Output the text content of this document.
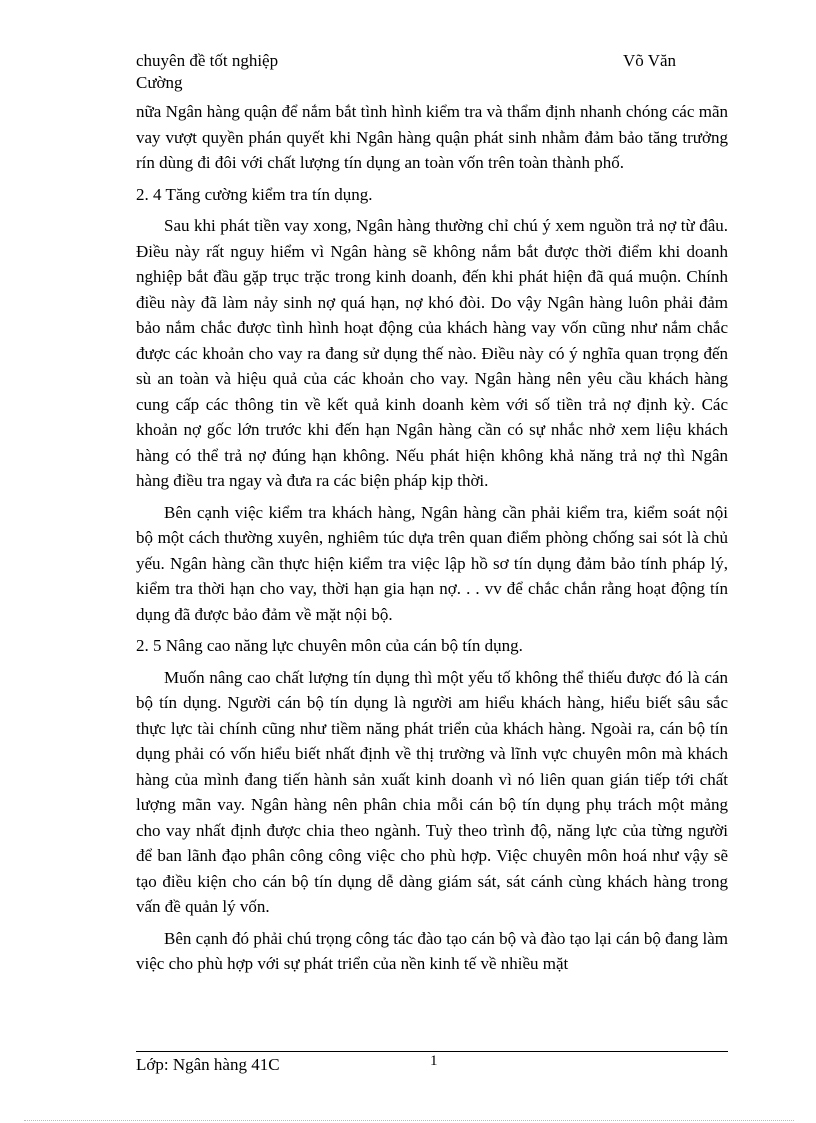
chuyên đề tốt nghiệp	Võ Văn
Cường

nữa Ngân hàng quận để nắm bắt tình hình kiểm tra và thẩm định nhanh chóng các mãn vay vượt quyền phán quyết khi Ngân hàng quận phát sinh nhằm đảm bảo tăng trưởng rín dùng đi đôi với chất lượng tín dụng an toàn vốn trên toàn thành phố.

2. 4 Tăng cường kiểm tra tín dụng.

Sau khi phát tiền vay xong, Ngân hàng thường chỉ chú ý xem nguồn trả nợ từ đâu. Điều này rất nguy hiểm vì Ngân hàng sẽ không nắm bắt được thời điểm khi doanh nghiệp bắt đầu gặp trục trặc trong kinh doanh, đến khi phát hiện đã quá muộn. Chính điều này đã làm nảy sinh nợ quá hạn, nợ khó đòi. Do vậy Ngân hàng luôn phải đảm bảo nắm chắc được tình hình hoạt động của khách hàng vay vốn cũng như nắm chắc được các khoản cho vay ra đang sử dụng thế nào. Điều này có ý nghĩa quan trọng đến sù an toàn và hiệu quả của các khoản cho vay. Ngân hàng nên yêu cầu khách hàng cung cấp các thông tin về kết quả kinh doanh kèm với số tiền trả nợ định kỳ. Các khoản nợ gốc lớn trước khi đến hạn Ngân hàng cần có sự nhắc nhở xem liệu khách hàng có thể trả nợ đúng hạn không. Nếu phát hiện không khả năng trả nợ thì Ngân hàng điều tra ngay và đưa ra các biện pháp kịp thời.

Bên cạnh việc kiểm tra khách hàng, Ngân hàng cần phải kiểm tra, kiểm soát nội bộ một cách thường xuyên, nghiêm túc dựa trên quan điểm phòng chống sai sót là chủ yếu. Ngân hàng cần thực hiện kiểm tra việc lập hồ sơ tín dụng đảm bảo tính pháp lý, kiểm tra thời hạn cho vay, thời hạn gia hạn nợ. . . vv để chắc chắn rằng hoạt động tín dụng đã được bảo đảm về mặt nội bộ.

2. 5 Nâng cao năng lực chuyên môn của cán bộ tín dụng.

Muốn nâng cao chất lượng tín dụng thì một yếu tố không thể thiếu được đó là cán bộ tín dụng. Người cán bộ tín dụng là người am hiểu khách hàng, hiểu biết sâu sắc thực lực tài chính cũng như tiềm năng phát triển của khách hàng. Ngoài ra, cán bộ tín dụng phải có vốn hiểu biết nhất định về thị trường và lĩnh vực chuyên môn mà khách hàng của mình đang tiến hành sản xuất kinh doanh vì nó liên quan gián tiếp tới chất lượng mãn vay. Ngân hàng nên phân chia mỗi cán bộ tín dụng phụ trách một mảng cho vay nhất định được chia theo ngành. Tuỳ theo trình độ, năng lực của từng người để ban lãnh đạo phân công công việc cho phù hợp. Việc chuyên môn hoá như vậy sẽ tạo điều kiện cho cán bộ tín dụng dễ dàng giám sát, sát cánh cùng khách hàng trong vấn đề quản lý vốn.

Bên cạnh đó phải chú trọng công tác đào tạo cán bộ và đào tạo lại cán bộ đang làm việc cho phù hợp với sự phát triển của nền kinh tế về nhiều mặt

Lớp: Ngân hàng 41C	1
